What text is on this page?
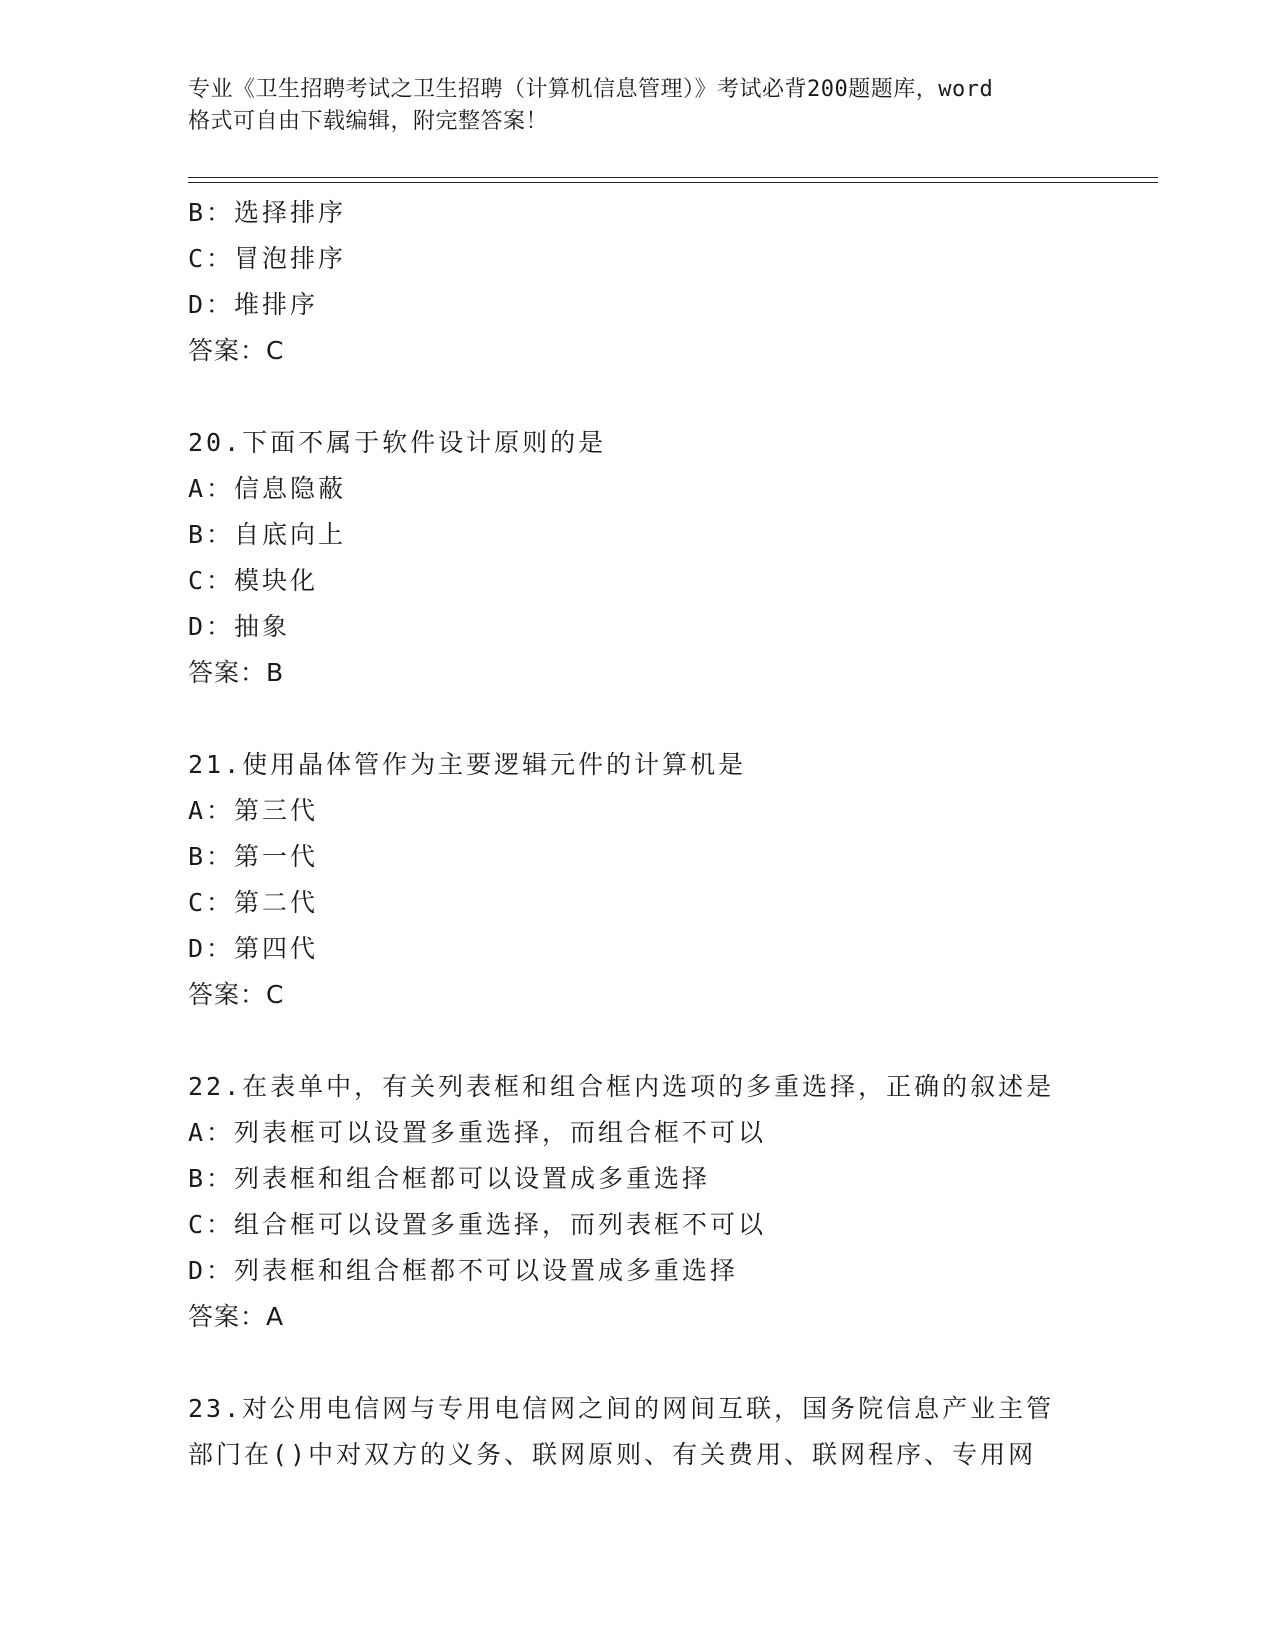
专业《卫生招聘考试之卫生招聘（计算机信息管理）》考试必背200题题库，word
格式可自由下载编辑，附完整答案！
B：选择排序
C：冒泡排序
D：堆排序
答案：C
20.下面不属于软件设计原则的是
A：信息隐蔽
B：自底向上
C：模块化
D：抽象
答案：B
21.使用晶体管作为主要逻辑元件的计算机是
A：第三代
B：第一代
C：第二代
D：第四代
答案：C
22.在表单中，有关列表框和组合框内选项的多重选择，正确的叙述是
A：列表框可以设置多重选择，而组合框不可以
B：列表框和组合框都可以设置成多重选择
C：组合框可以设置多重选择，而列表框不可以
D：列表框和组合框都不可以设置成多重选择
答案：A
23.对公用电信网与专用电信网之间的网间互联，国务院信息产业主管
部门在()中对双方的义务、联网原则、有关费用、联网程序、专用网
